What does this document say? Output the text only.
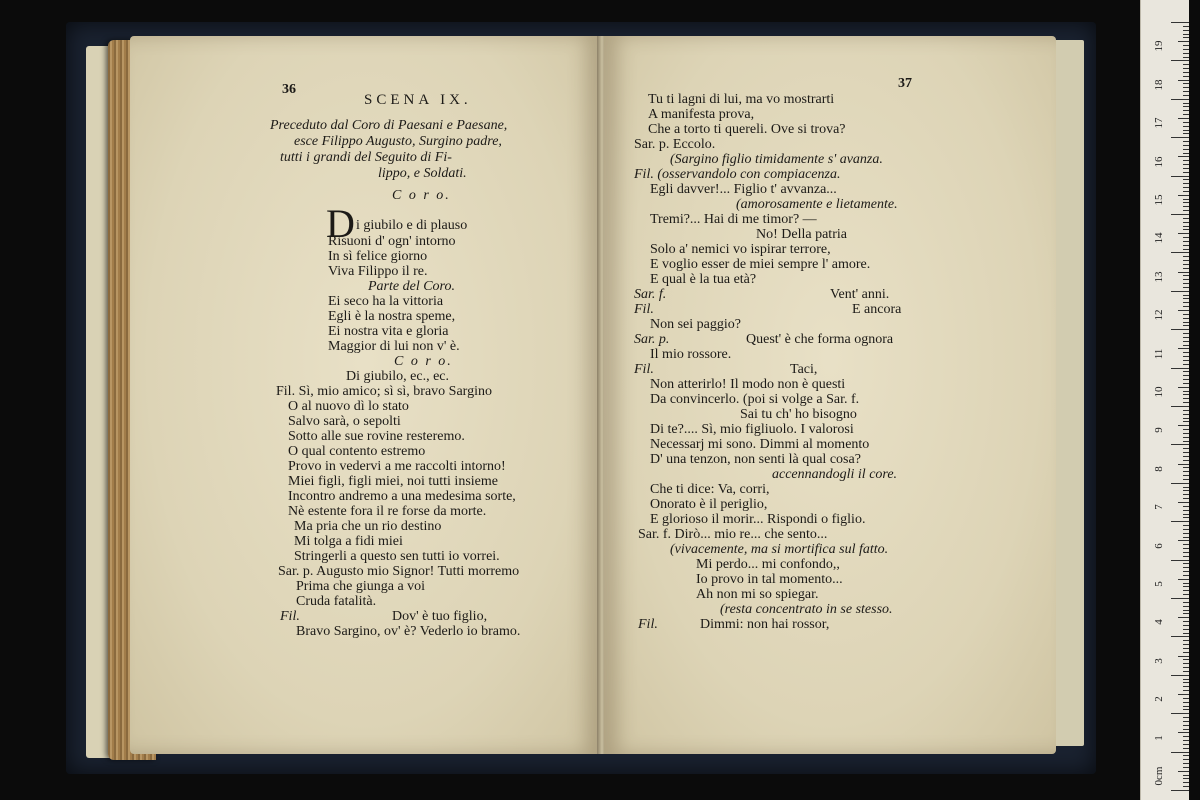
36
SCENA IX.
Preceduto dal Coro di Paesani e Paesane,
esce Filippo Augusto, Surgino padre,
tutti i grandi del Seguito di Fi-
lippo, e Soldati.
C o r o.
D i giubilo e di plauso
Risuoni d' ogn' intorno
In sì felice giorno
Viva Filippo il re.
Parte del Coro.
Ei seco ha la vittoria
Egli è la nostra speme,
Ei nostra vita e gloria
Maggior di lui non v' è.
C o r o.
Di giubilo, ec., ec.
Fil. Sì, mio amico; sì sì, bravo Sargino
O al nuovo dì lo stato
Salvo sarà, o sepolti
Sotto alle sue rovine resteremo.
O qual contento estremo
Provo in vedervi a me raccolti intorno!
Miei figli, figli miei, noi tutti insieme
Incontro andremo a una medesima sorte,
Nè estente fora il re forse da morte.
Ma pria che un rio destino
Mi tolga a fidi miei
Stringerli a questo sen tutti io vorrei.
Sar. p. Augusto mio Signor! Tutti morremo
Prima che giunga a voi
Cruda fatalità.
Fil.	Dov' è tuo figlio,
Bravo Sargino, ov' è? Vederlo io bramo.
37
Tu ti lagni di lui, ma vo mostrarti
A manifesta prova,
Che a torto ti quereli. Ove si trova?
Sar. p. Eccolo.
(Sargino figlio timidamente s' avanza.
Fil. (osservandolo con compiacenza.
Egli davver!... Figlio t' avvanza...
(amorosamente e lietamente.
Tremi?... Hai di me timor? —
No! Della patria
Solo a' nemici vo ispirar terrore,
E voglio esser de miei sempre l' amore.
E qual è la tua età?
Sar. f.	Vent' anni.
Fil.	E ancora
Non sei paggio?
Sar. p.	Quest' è che forma ognora
Il mio rossore.
Fil.	Taci,
Non atterirlo! Il modo non è questi
Da convincerlo. (poi si volge a Sar. f.
Sai tu ch' ho bisogno
Di te?.... Sì, mio figliuolo. I valorosi
Necessarj mi sono. Dimmi al momento
D' una tenzon, non senti là qual cosa?
accennandogli il core.
Che ti dice: Va, corri,
Onorato è il periglio,
E glorioso il morir... Rispondi o figlio.
Sar. f. Dirò... mio re... che sento...
(vivacemente, ma si mortifica sul fatto.
Mi perdo... mi confondo,,
Io provo in tal momento...
Ah non mi so spiegar.
(resta concentrato in se stesso.
Fil.	Dimmi: non hai rossor,
0cm
1
2
3
4
5
6
7
8
9
10
11
12
13
14
15
16
17
18
19
